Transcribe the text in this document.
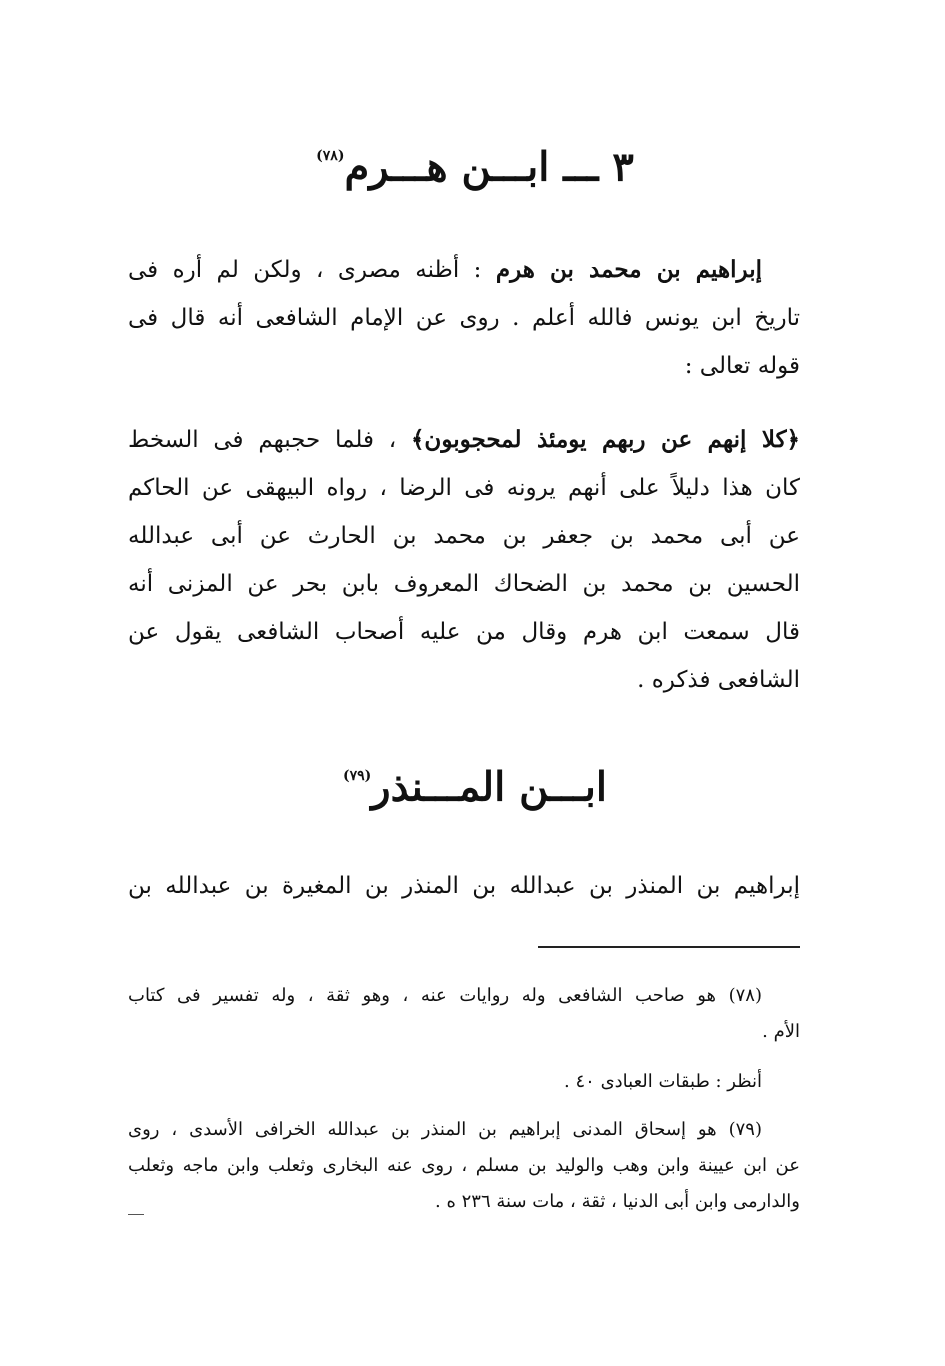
٣ ـــ ابـــن هـــرم$^{(٧٨)}$
إبراهيم بن محمد بن هرم : أظنه مصرى ، ولكن لم أره فى
تاريخ ابن يونس فالله أعلم . روى عن الإمام الشافعى أنه قال فى
قوله تعالى :
﴿كلا إنهم عن ربهم يومئذ لمحجوبون﴾ ، فلما حجبهم فى السخط
كان هذا دليلاً على أنهم يرونه فى الرضا ، رواه البيهقى عن الحاكم
عن أبى محمد بن جعفر بن محمد بن الحارث عن أبى عبدالله
الحسين بن محمد بن الضحاك المعروف بابن بحر عن المزنى أنه
قال سمعت ابن هرم وقال من عليه أصحاب الشافعى يقول عن
الشافعى فذكره .
ابـــن المـــنذر$^{(٧٩)}$
إبراهيم بن المنذر بن عبدالله بن المنذر بن المغيرة بن عبدالله بن
(٧٨) هو صاحب الشافعى وله روايات عنه ، وهو ثقة ، وله تفسير فى كتاب
الأم .
أنظر : طبقات العبادى ٤٠ .
(٧٩) هو إسحاق المدنى إبراهيم بن المنذر بن عبدالله الخرافى الأسدى ، روى
عن ابن عيينة وابن وهب والوليد بن مسلم ، روى عنه البخارى وثعلب وابن ماجه وثعلب
والدارمى وابن أبى الدنيا ، ثقة ، مات سنة ٢٣٦ ه .
